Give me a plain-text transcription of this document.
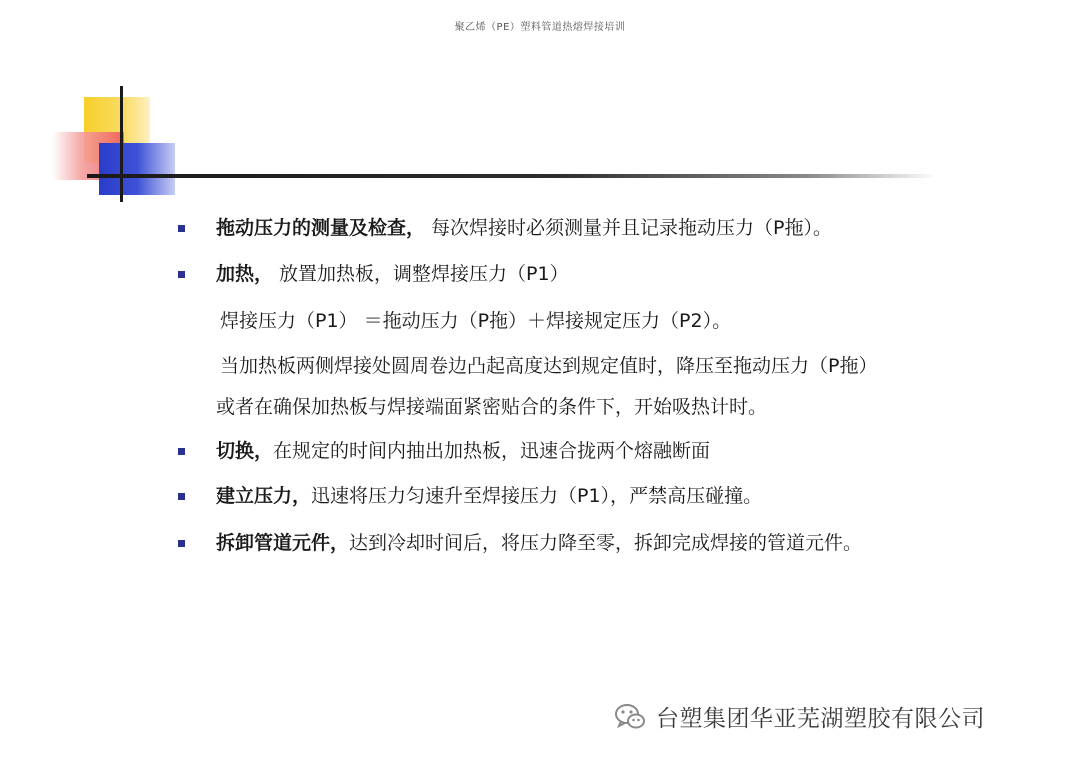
聚乙烯（PE）塑料管道热熔焊接培训
拖动压力的测量及检查， 每次焊接时必须测量并且记录拖动压力（P拖）。
加热， 放置加热板，调整焊接压力（P1）
焊接压力（P1） ＝拖动压力（P拖）＋焊接规定压力（P2）。
当加热板两侧焊接处圆周卷边凸起高度达到规定值时，降压至拖动压力（P拖）
或者在确保加热板与焊接端面紧密贴合的条件下，开始吸热计时。
切换，在规定的时间内抽出加热板，迅速合拢两个熔融断面
建立压力，迅速将压力匀速升至焊接压力（P1），严禁高压碰撞。
拆卸管道元件，达到冷却时间后，将压力降至零，拆卸完成焊接的管道元件。
台塑集团华亚芜湖塑胶有限公司
